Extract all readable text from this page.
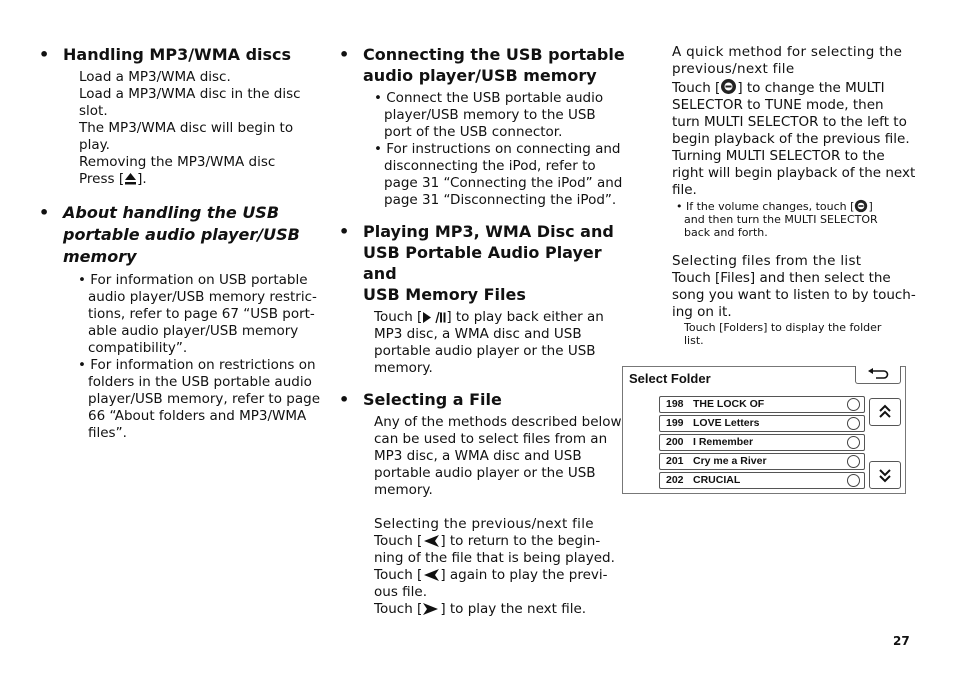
• Handling MP3/WMA discs
Load a MP3/WMA disc.
Load a MP3/WMA disc in the disc
slot.
The MP3/WMA disc will begin to
play.
Removing the MP3/WMA disc
Press [ ].
• About handling the USB
portable audio player/USB
memory
• For information on USB portable
audio player/USB memory restric-
tions, refer to page 67 “USB port-
able audio player/USB memory
compatibility”.
• For information on restrictions on
folders in the USB portable audio
player/USB memory, refer to page
66 “About folders and MP3/WMA
files”.
• Connecting the USB portable
audio player/USB memory
• Connect the USB portable audio
player/USB memory to the USB
port of the USB connector.
• For instructions on connecting and
disconnecting the iPod, refer to
page 31 “Connecting the iPod” and
page 31 “Disconnecting the iPod”.
• Playing MP3, WMA Disc and
USB Portable Audio Player and
USB Memory Files
Touch [ ] to play back either an
MP3 disc, a WMA disc and USB
portable audio player or the USB
memory.
• Selecting a File
Any of the methods described below
can be used to select files from an
MP3 disc, a WMA disc and USB
portable audio player or the USB
memory.
Selecting the previous/next file
Touch [ ] to return to the begin-
ning of the file that is being played.
Touch [ ] again to play the previ-
ous file.
Touch [ ] to play the next file.
A quick method for selecting the
previous/next file
Touch [ ] to change the MULTI
SELECTOR to TUNE mode, then
turn MULTI SELECTOR to the left to
begin playback of the previous file.
Turning MULTI SELECTOR to the
right will begin playback of the next
file.
• If the volume changes, touch [ ]
and then turn the MULTI SELECTOR
back and forth.
Selecting files from the list
Touch [Files] and then select the
song you want to listen to by touch-
ing on it.
Touch [Folders] to display the folder
list.
Select Folder
198 THE LOCK OF
199 LOVE Letters
200 I Remember
201 Cry me a River
202 CRUCIAL
27
